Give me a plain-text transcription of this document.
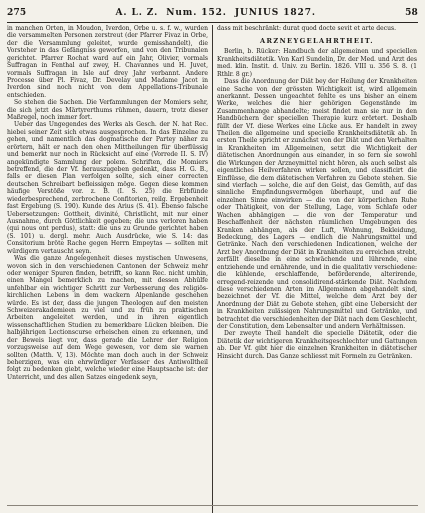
275	A. L. Z. Num. 152. JUNIUS 1827.	58

in manchen Orten, in Moudon, Iverdon, Orbe u. s. f. w., wurden die versammelten Personen zerstreut (der Pfarrer Fivaz in Orbe, der die Versammlung geleitet, wurde gemisshandelt), die Vorsteher in das Gefängniss geworfen, und von den Tribunalen gerichtet. Pfarrer Rochat ward auf ein Jahr, Olivier, vormals Suffragan in Fenthal auf zwey, H. Chavannes und H. Juvet, vormals Suffragan in Isle auf drey Jahr verbannt. Andere Processe über Pl. Fivaz, Dr. Develay und Madame Jacot in Iverdon sind noch nicht von dem Appellations-Tribunale entschieden.

So stehen die Sachen. Die Verfammlungen der Momiers sehr, die sich jetzt des Märtyrerthums rühmen, dauern, trotz dieser Maßregel, noch immer fort.

Ueber das Ungegendes des Werks als Gesch. der N. hat Rec. hiebei seiner Zeit sich etwas ausgesprochen. In das Einzelne zu gehen, und namentlich das dogmatische der Partey näher zu erörtern, hält er nach den ohen Mittheilungen für überflüssig und bemerkt nur noch in Rücksicht auf eine (Vorrede II. S. IV) angekündigte Sammlung der polem. Schriften, die Momiers betreffend, die der Vf. herauszugeben gedenkt, dass H. G. B., falls er diesen Plan verfolgen sollte, sich einer correcten deutschen Schreibart befleissigen möge. Gegen diese kommen häufige Verstöße vor. z. B. (I. S. 25) die Erbfünde wiederbesprechend, zerbrochene Confitorien, reilg. Ergebenheit fast Ergebung (S. 190). Kunde des Arius (S. 41). Ebenso falsche Uebersetzungen: Gottheit, divinité, Christlicht, mit nur einer Ausnahme, durch Göttlichkeit gegeben; die uns verloren haben (qui nous ont perdus), statt: die uns zu Grunde gerichtet haben (S. 101) u. dergl. mehr. Auch Ausdrücke, wie S. 14: das Consitorium bröte Rache gegen Herrn Empeytas — sollten mit würdigern vertauscht seyn.

Was die ganze Angelegenheit dieses mystischen Unwesens, wovon sich in den verschiedenen Cantonen der Schweiz mehr oder weniger Spuren finden, betrifft, so kann Rec. nicht umhin, einen Mangel bemerklich zu machen, mit dessen Abhülfe unfehlbar ein wichtiger Schritt zur Verbesserung des religiös-kirchlichen Lebens in dem wackern Alpenlande geschehen würde. Es ist der, dass die jungen Theologen auf den meisten Schweizerakademieen zu viel und zu früh zu praktischen Arbeiten angeleitet werden, und in ihren eigentlich wissenschaftlichen Studien zu bemerkbare Lücken bleiben. Die halbjährigen Lectionscurse erheischen einen zu erkennen, und der Beweis liegt vor, dass gerade die Lehrer der Religion vorzugsweise auf dem Wege gewesen, vor dem sie warnen sollten (Matth. V, 13). Möchte man doch auch in der Schweiz beherzigen, was ein ehrwürdiger Verfasser des Antiwolltheil folgt zu bedenken giebt, welche wieder eine Hauptsache ist: der Unterricht, und des allen Satzes eingedenk seyn,

dass mit beschränkt: durat quod docte sevit et arte decus.

ARZNEYGELAHRTHEIT.

Berlin, b. Rücker: Handbuch der allgemeinen und speciellen Krankheitsdiätetik. Von Karl Sundelin, Dr. der Med. und Arzt des med. klin. Instit. d. Univ. zu Berlin. 1826. VIII u. 356 S. 8. (1 Rthlr. 8 gr.)

Dass die Anordnung der Diät bey der Heilung der Krankheiten eine Sache von der grössten Wichtigkeit ist, wird allgemein anerkannt. Dessen ungeachtet fehlte es uns bisher an einem Werke, welches die hier gehörigen Gegenstände im Zusammenhange abhandelte; meist findet man sie nur in den Handbüchern der speciellen Therapie kurz erörtert. Deshalb füllt der Vf. diese Werkes eine Lücke aus. Er handelt in zwey Theilen die allgemeine und specielle Krankheitsdiätetik ab. In ersten Theile spricht er zunächst von der Diät und den Verhalten in Krankheiten im Allgemeinen, setzt die Wichtigkeit der diätetischen Anordnungen aus einander, in so fern sie sowohl die Wirkungen der Arzneymittel nicht hören, als auch selbst als eigentliches Heilverfahren wirken sollen, und classificirt die Einflüsse, die dem diätetischen Verfahren zu Gebote stehen. Sie sind vierfach — solche, die auf den Geist, das Gemüth, auf das sinnliche Empfindungsvermögen überhaupt, und auf die einzelnen Sinne einwirken — die von der körperlichen Ruhe oder Thätigkeit, von der Stellung, Lage, vom Schlafe oder Wachen abhängigen — die von der Temperatur und Beschaffenheit der nächsten räumlichen Umgebungen des Kranken abhängen, als der Luft, Wohnung, Bekleidung, Bedeckung, des Lagers — endlich die Nahrungsmittel und Getränke. Nach den verschiedenen Indicationen, welche der Arzt bey Anordnung der Diät in Krankheiten zu erreichen strebt, zerfällt dieselbe in eine schwächende und lührende, eine entziehende und ernährende, und in die qualitativ verschiedene: die kühlende, erschlaffende, beförderende, alterirende, erregend-reizende und consolidirend-stärkende Diät. Nachdem diese verschiedenen Arten im Allgemeinen abgehandelt sind, bezeichnet der Vf. die Mittel, welche dem Arzt bey der Anordnung der Diät zu Gebote stehen, gibt eine Uebersicht der in Krankheiten zulässigen Nahrungsmittel und Getränke, und betrachtet die verschiedenheiten der Diät nach dem Geschlecht, der Constitution, dem Lebensalter und andern Verhältnissen.

Der zweyte Theil handelt die specielle Diätetik, oder die Diätetik der wichtigeren Krankheitsgeschlechter und Gattungen ab. Der Vf. gibt hier die einzelnen Krankheiten in diätetischer Hinsicht durch. Das Ganze schliesst mit Formeln zu Getränken.
